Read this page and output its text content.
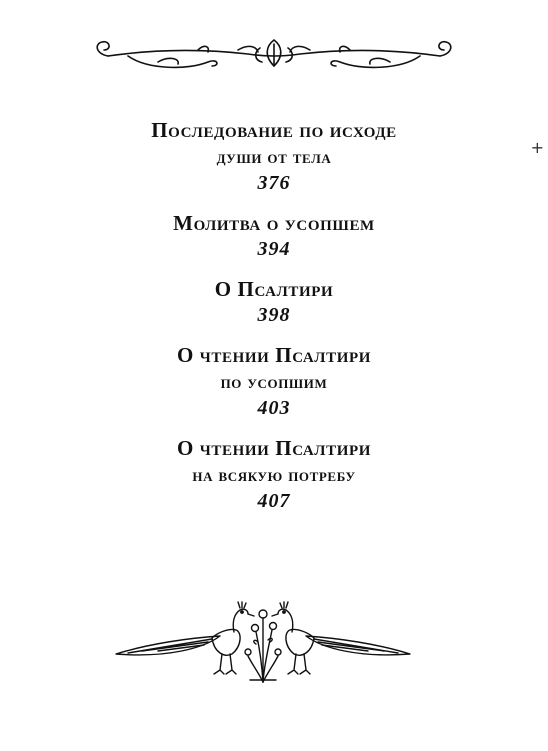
+
Последование по исходе
души от тела
376
Молитва о усопшем
394
О Псалтири
398
О чтении Псалтири
по усопшим
403
О чтении Псалтири
на всякую потребу
407
